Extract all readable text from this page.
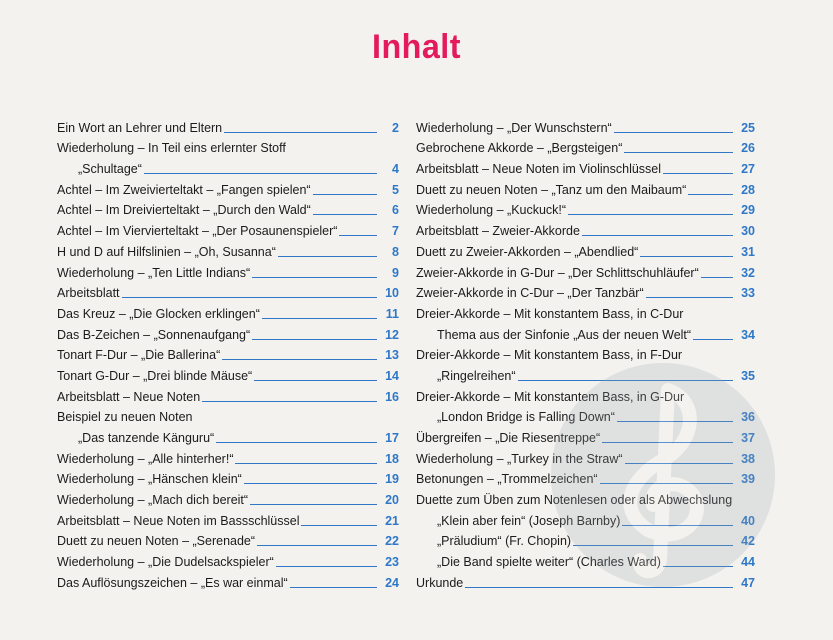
Inhalt
Ein Wort an Lehrer und Eltern	2
Wiederholung – In Teil eins erlernter Stoff
„Schultage“	4
Achtel – Im Zweivierteltakt – „Fangen spielen“	5
Achtel – Im Dreivierteltakt – „Durch den Wald“	6
Achtel – Im Viervierteltakt – „Der Posaunenspieler“	7
H und D auf Hilfslinien – „Oh, Susanna“	8
Wiederholung – „Ten Little Indians“	9
Arbeitsblatt	10
Das Kreuz – „Die Glocken erklingen“	11
Das B-Zeichen – „Sonnenaufgang“	12
Tonart F-Dur – „Die Ballerina“	13
Tonart G-Dur – „Drei blinde Mäuse“	14
Arbeitsblatt – Neue Noten	16
Beispiel zu neuen Noten
„Das tanzende Känguru“	17
Wiederholung – „Alle hinterher!“	18
Wiederholung – „Hänschen klein“	19
Wiederholung – „Mach dich bereit“	20
Arbeitsblatt – Neue Noten im Bassschlüssel	21
Duett zu neuen Noten – „Serenade“	22
Wiederholung – „Die Dudelsackspieler“	23
Das Auflösungszeichen – „Es war einmal“	24
Wiederholung – „Der Wunschstern“	25
Gebrochene Akkorde – „Bergsteigen“	26
Arbeitsblatt – Neue Noten im Violinschlüssel	27
Duett zu neuen Noten – „Tanz um den Maibaum“	28
Wiederholung – „Kuckuck!“	29
Arbeitsblatt – Zweier-Akkorde	30
Duett zu Zweier-Akkorden – „Abendlied“	31
Zweier-Akkorde in G-Dur – „Der Schlittschuhläufer“	32
Zweier-Akkorde in C-Dur – „Der Tanzbär“	33
Dreier-Akkorde – Mit konstantem Bass, in C-Dur
Thema aus der Sinfonie „Aus der neuen Welt“	34
Dreier-Akkorde – Mit konstantem Bass, in F-Dur
„Ringelreihen“	35
Dreier-Akkorde – Mit konstantem Bass, in G-Dur
„London Bridge is Falling Down“	36
Übergreifen – „Die Riesentreppe“	37
Wiederholung – „Turkey in the Straw“	38
Betonungen – „Trommelzeichen“	39
Duette zum Üben zum Notenlesen oder als Abwechslung
„Klein aber fein“ (Joseph Barnby)	40
„Präludium“ (Fr. Chopin)	42
„Die Band spielte weiter“ (Charles Ward)	44
Urkunde	47
